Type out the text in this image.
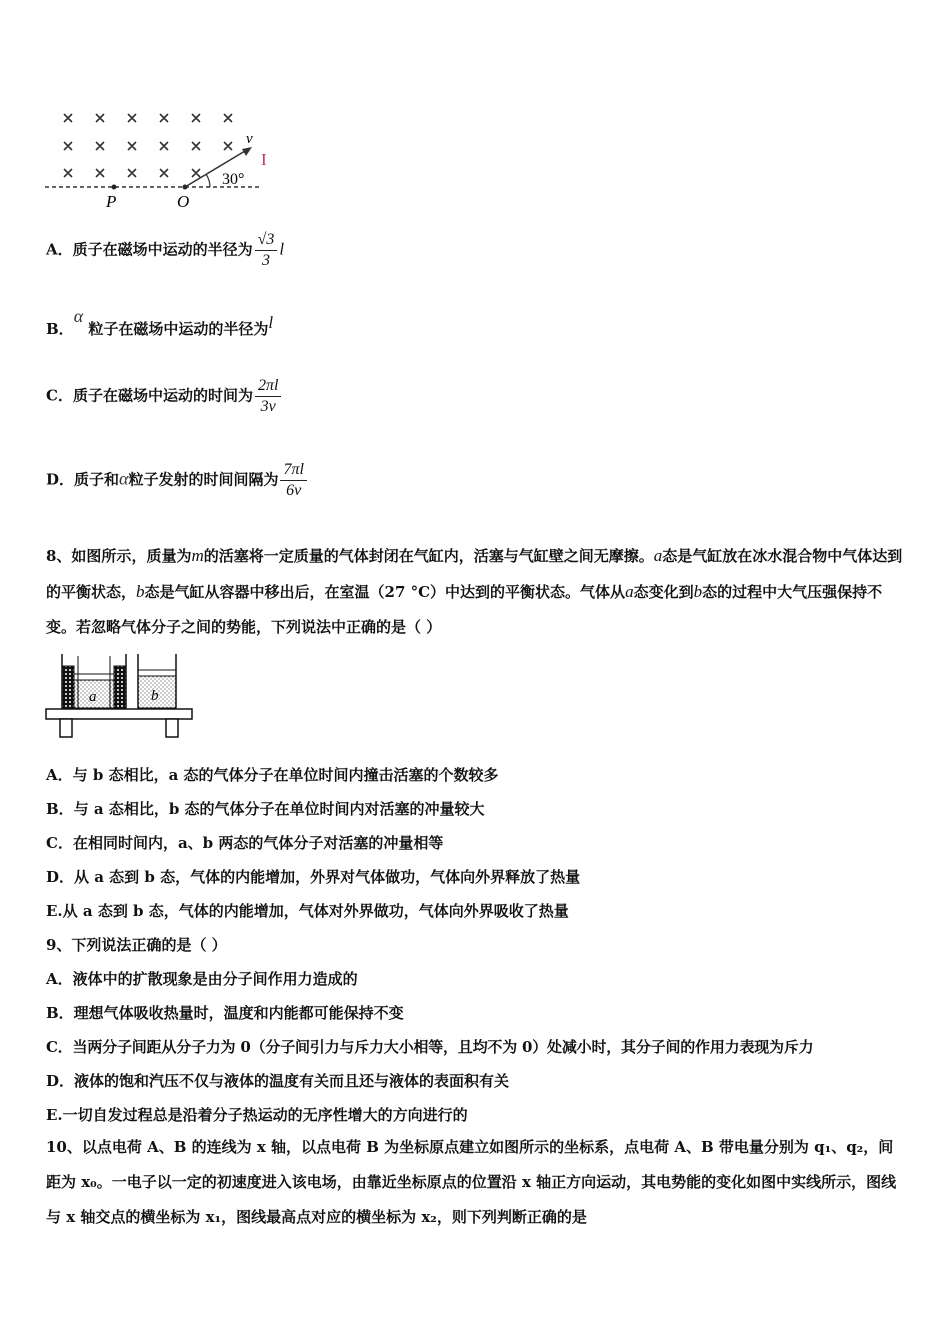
v
30°
P	O
I
A．质子在磁场中运动的半径为 $\frac{√3}{3}$ l
B．α 粒子在磁场中运动的半径为l
C．质子在磁场中运动的时间为 $\frac{2\pi l}{3v}$
D．质子和α粒子发射的时间间隔为 $\frac{7\pi l}{6v}$
8、如图所示，质量为m的活塞将一定质量的气体封闭在气缸内，活塞与气缸壁之间无摩擦。a态是气缸放在冰水混合物中气体达到的平衡状态，b态是气缸从容器中移出后，在室温（27 °C）中达到的平衡状态。气体从a态变化到b态的过程中大气压强保持不变。若忽略气体分子之间的势能，下列说法中正确的是（ ）
a	b
A．与 b 态相比，a 态的气体分子在单位时间内撞击活塞的个数较多
B．与 a 态相比，b 态的气体分子在单位时间内对活塞的冲量较大
C．在相同时间内，a、b 两态的气体分子对活塞的冲量相等
D．从 a 态到 b 态，气体的内能增加，外界对气体做功，气体向外界释放了热量
E.从 a 态到 b 态，气体的内能增加，气体对外界做功，气体向外界吸收了热量
9、下列说法正确的是（ ）
A．液体中的扩散现象是由分子间作用力造成的
B．理想气体吸收热量时，温度和内能都可能保持不变
C．当两分子间距从分子力为 0（分子间引力与斥力大小相等，且均不为 0）处减小时，其分子间的作用力表现为斥力
D．液体的饱和汽压不仅与液体的温度有关而且还与液体的表面积有关
E.一切自发过程总是沿着分子热运动的无序性增大的方向进行的
10、以点电荷 A、B 的连线为 x 轴，以点电荷 B 为坐标原点建立如图所示的坐标系，点电荷 A、B 带电量分别为 q₁、q₂，间距为 x₀。一电子以一定的初速度进入该电场，由靠近坐标原点的位置沿 x 轴正方向运动，其电势能的变化如图中实线所示，图线与 x 轴交点的横坐标为 x₁，图线最高点对应的横坐标为 x₂，则下列判断正确的是
